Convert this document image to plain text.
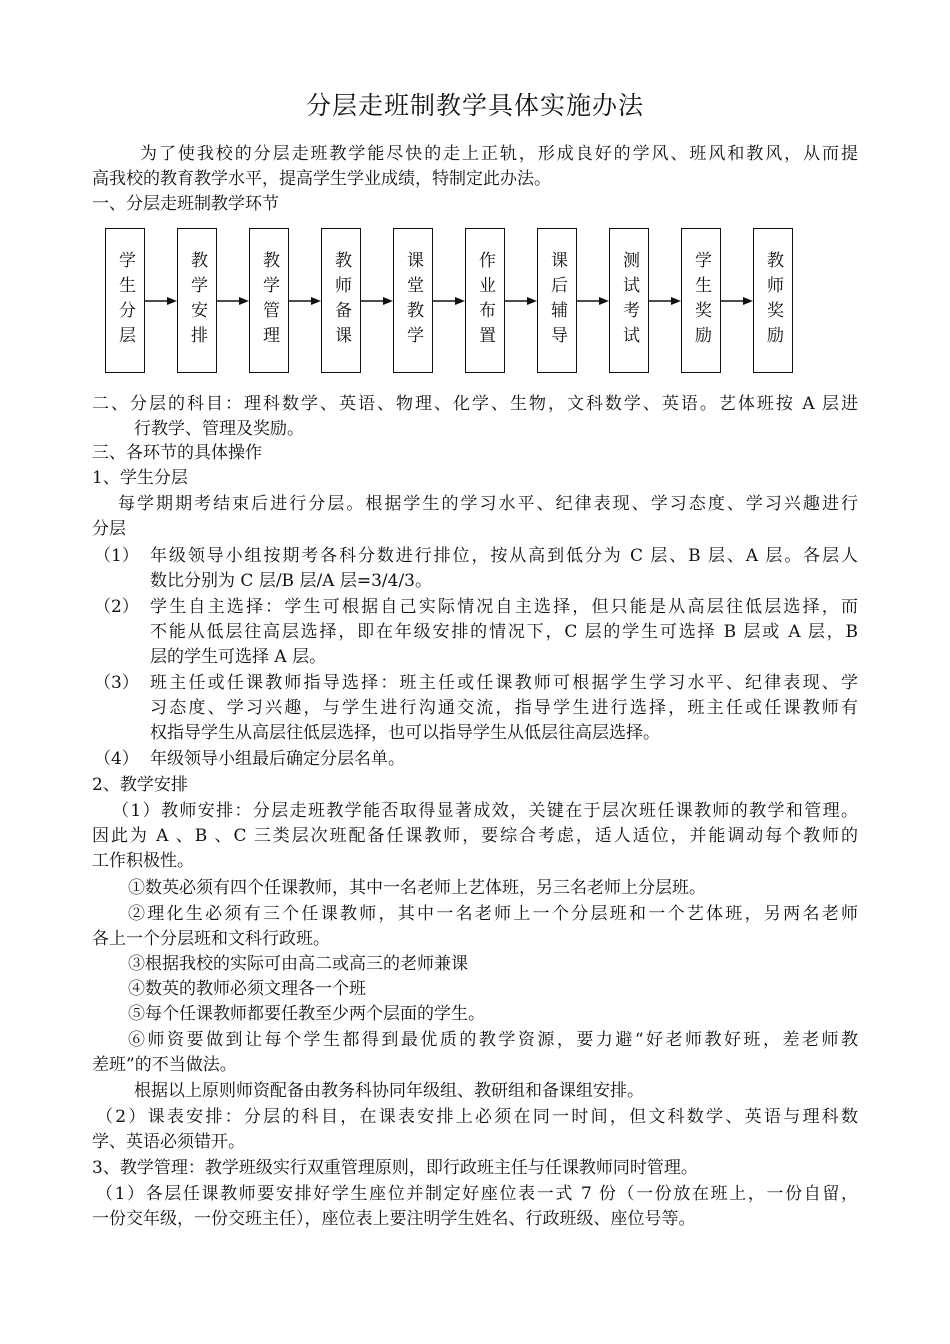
分层走班制教学具体实施办法
为了使我校的分层走班教学能尽快的走上正轨，形成良好的学风、班风和教风，从而提
高我校的教育教学水平，提高学生学业成绩，特制定此办法。
一、分层走班制教学环节
学生分层	教学安排	教学管理	教师备课	课堂教学	作业布置	课后辅导	测试考试	学生奖励	教师奖励
二、分层的科目：理科数学、英语、物理、化学、生物，文科数学、英语。艺体班按 A 层进
行教学、管理及奖励。
三、各环节的具体操作
1、学生分层
每学期期考结束后进行分层。根据学生的学习水平、纪律表现、学习态度、学习兴趣进行
分层
（1） 年级领导小组按期考各科分数进行排位，按从高到低分为 C 层、B 层、A 层。各层人
数比分别为 C 层/B 层/A 层=3/4/3。
（2） 学生自主选择：学生可根据自己实际情况自主选择，但只能是从高层往低层选择，而
不能从低层往高层选择，即在年级安排的情况下，C 层的学生可选择 B 层或 A 层，B
层的学生可选择 A 层。
（3） 班主任或任课教师指导选择：班主任或任课教师可根据学生学习水平、纪律表现、学
习态度、学习兴趣，与学生进行沟通交流，指导学生进行选择，班主任或任课教师有
权指导学生从高层往低层选择，也可以指导学生从低层往高层选择。
（4） 年级领导小组最后确定分层名单。
2、教学安排
（1）教师安排：分层走班教学能否取得显著成效，关键在于层次班任课教师的教学和管理。
因此为 A 、B 、C 三类层次班配备任课教师，要综合考虑，适人适位，并能调动每个教师的
工作积极性。
①数英必须有四个任课教师，其中一名老师上艺体班，另三名老师上分层班。
②理化生必须有三个任课教师，其中一名老师上一个分层班和一个艺体班，另两名老师
各上一个分层班和文科行政班。
③根据我校的实际可由高二或高三的老师兼课
④数英的教师必须文理各一个班
⑤每个任课教师都要任教至少两个层面的学生。
⑥师资要做到让每个学生都得到最优质的教学资源，要力避“好老师教好班，差老师教
差班”的不当做法。
根据以上原则师资配备由教务科协同年级组、教研组和备课组安排。
（2）课表安排：分层的科目，在课表安排上必须在同一时间，但文科数学、英语与理科数
学、英语必须错开。
3、教学管理：教学班级实行双重管理原则，即行政班主任与任课教师同时管理。
（1）各层任课教师要安排好学生座位并制定好座位表一式 7 份（一份放在班上，一份自留，
一份交年级，一份交班主任），座位表上要注明学生姓名、行政班级、座位号等。
